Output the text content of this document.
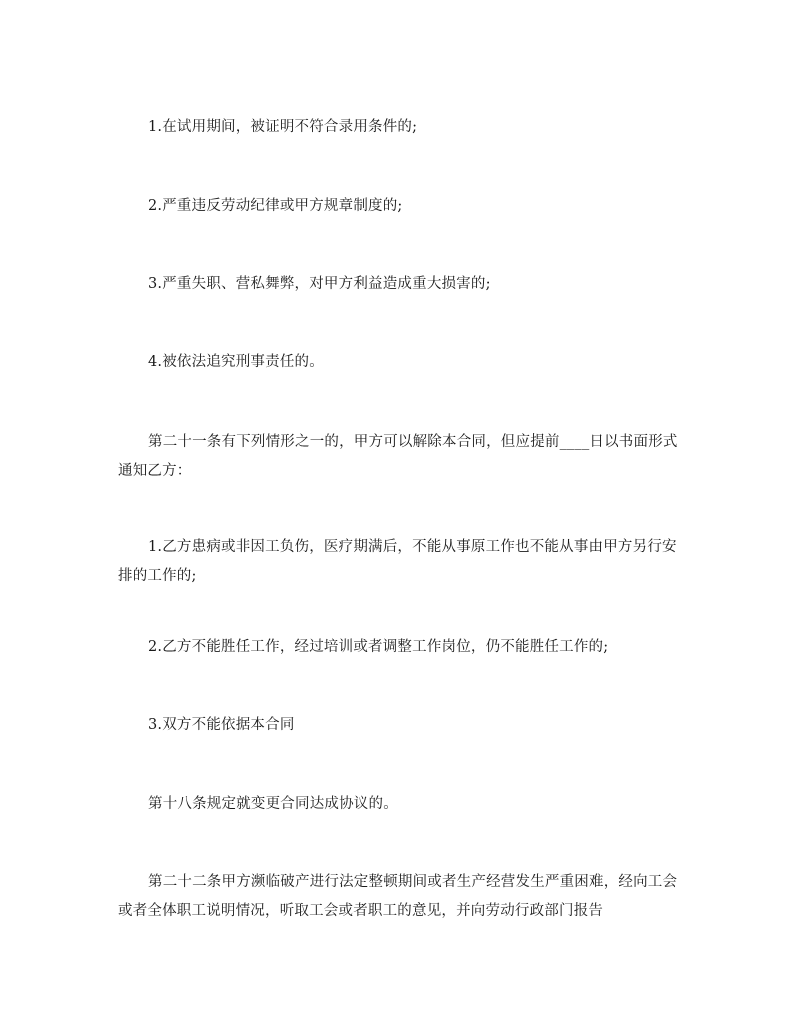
1.在试用期间，被证明不符合录用条件的;

2.严重违反劳动纪律或甲方规章制度的;

3.严重失职、营私舞弊，对甲方利益造成重大损害的;

4.被依法追究刑事责任的。

第二十一条有下列情形之一的，甲方可以解除本合同，但应提前____日以书面形式通知乙方：

1.乙方患病或非因工负伤，医疗期满后，不能从事原工作也不能从事由甲方另行安排的工作的;

2.乙方不能胜任工作，经过培训或者调整工作岗位，仍不能胜任工作的;

3.双方不能依据本合同

第十八条规定就变更合同达成协议的。

第二十二条甲方濒临破产进行法定整顿期间或者生产经营发生严重困难，经向工会或者全体职工说明情况，听取工会或者职工的意见，并向劳动行政部门报告
